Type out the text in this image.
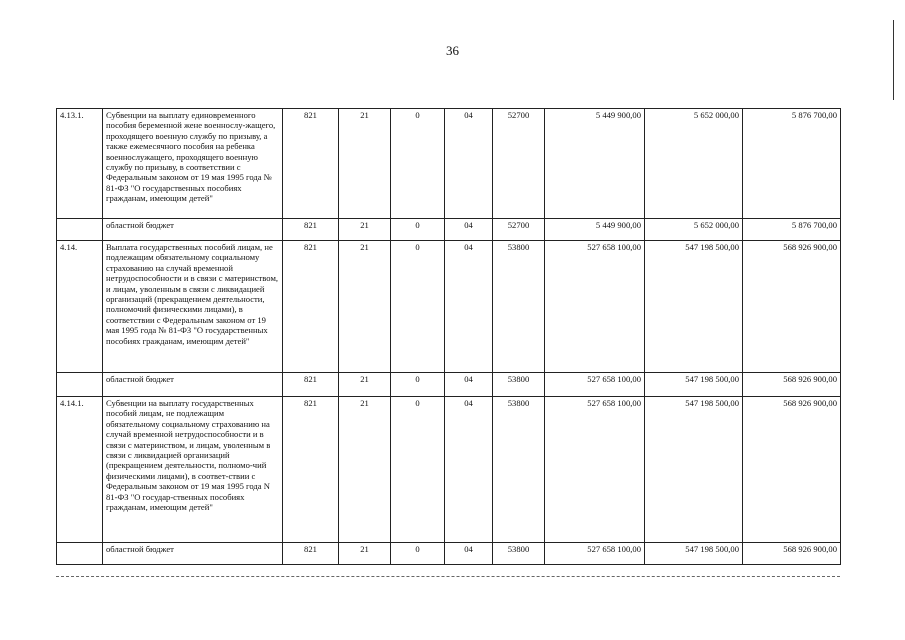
36
4.13.1.	Субвенции на выплату единовременного пособия беременной жене военнослу-жащего, проходящего военную службу по призыву, а также ежемесячного пособия на ребенка военнослужащего, проходящего военную службу по призыву, в соответствии с Федеральным законом от 19 мая 1995 года № 81-ФЗ "О государственных пособиях гражданам, имеющим детей"	821	21	0	04	52700	5 449 900,00	5 652 000,00	5 876 700,00
	областной бюджет	821	21	0	04	52700	5 449 900,00	5 652 000,00	5 876 700,00
4.14.	Выплата государственных пособий лицам, не подлежащим обязательному социальному страхованию на случай временной нетрудоспособности и в связи с материнством, и лицам, уволенным в связи с ликвидацией организаций (прекращением деятельности, полномочий физическими лицами), в соответствии с Федеральным законом от 19 мая 1995 года № 81-ФЗ "О государственных пособиях гражданам, имеющим детей"	821	21	0	04	53800	527 658 100,00	547 198 500,00	568 926 900,00
	областной бюджет	821	21	0	04	53800	527 658 100,00	547 198 500,00	568 926 900,00
4.14.1.	Субвенции на выплату государственных пособий лицам, не подлежащим обязательному социальному страхованию на случай временной нетрудоспособности и в связи с материнством, и лицам, уволенным в связи с ликвидацией организаций (прекращением деятельности, полномо-чий физическими лицами), в соответ-ствии с Федеральным законом от 19 мая 1995 года N 81-ФЗ "О государ-ственных пособиях гражданам, имеющим детей"	821	21	0	04	53800	527 658 100,00	547 198 500,00	568 926 900,00
	областной бюджет	821	21	0	04	53800	527 658 100,00	547 198 500,00	568 926 900,00
